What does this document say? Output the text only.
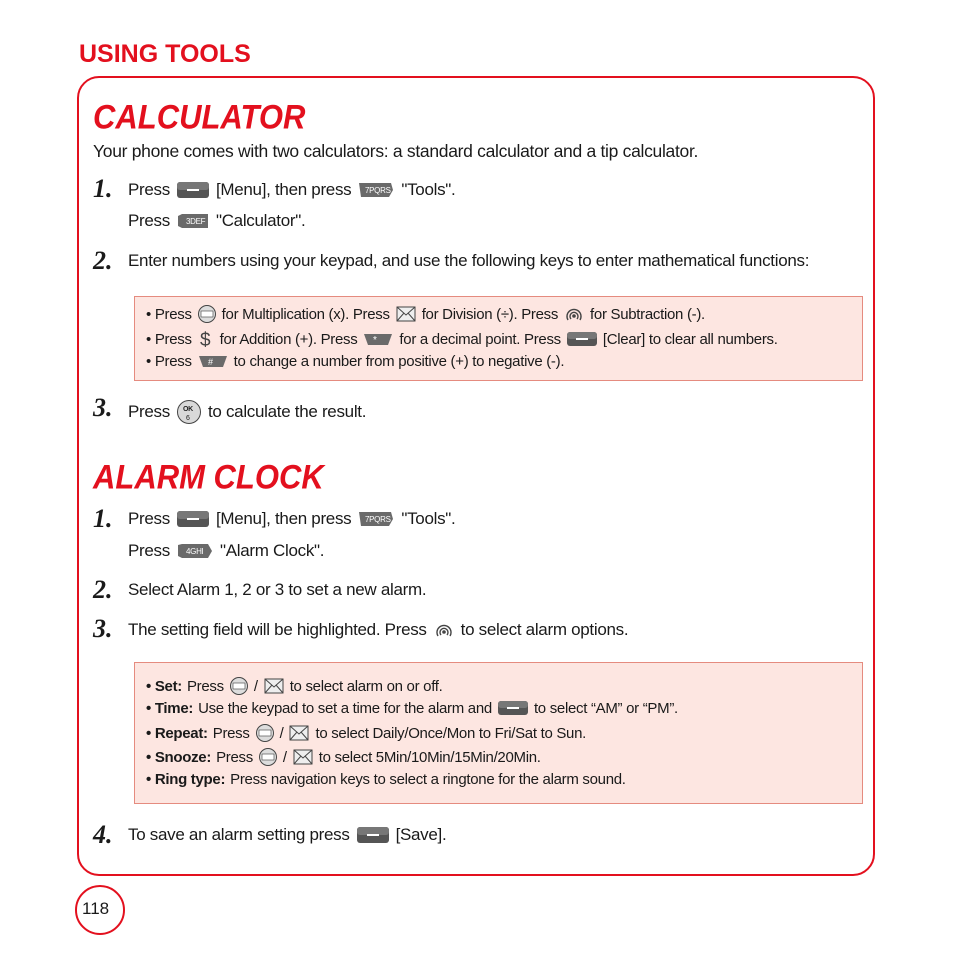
USING TOOLS
CALCULATOR
Your phone comes with two calculators: a standard calculator and a tip calculator.
1. Press	[Menu], then press 7PQRS "Tools".
Press 3DEF "Calculator".
2. Enter numbers using your keypad, and use the following keys to enter mathematical functions:
• Press for Multiplication (x). Press for Division (÷). Press for Subtraction (-).
• Press $ for Addition (+). Press * for a decimal point. Press	[Clear] to clear all numbers.
• Press # to change a number from positive (+) to negative (-).
3. Press OK
6 to calculate the result.
ALARM CLOCK
1. Press	[Menu], then press 7PQRS "Tools".
Press 4GHI "Alarm Clock".
2. Select Alarm 1, 2 or 3 to set a new alarm.
3. The setting field will be highlighted. Press to select alarm options.
• Set: Press / to select alarm on or off.
• Time: Use the keypad to set a time for the alarm and	to select “AM” or “PM”.
• Repeat: Press / to select Daily/Once/Mon to Fri/Sat to Sun.
• Snooze: Press / to select 5Min/10Min/15Min/20Min.
• Ring type: Press navigation keys to select a ringtone for the alarm sound.
4. To save an alarm setting press	[Save].
118
